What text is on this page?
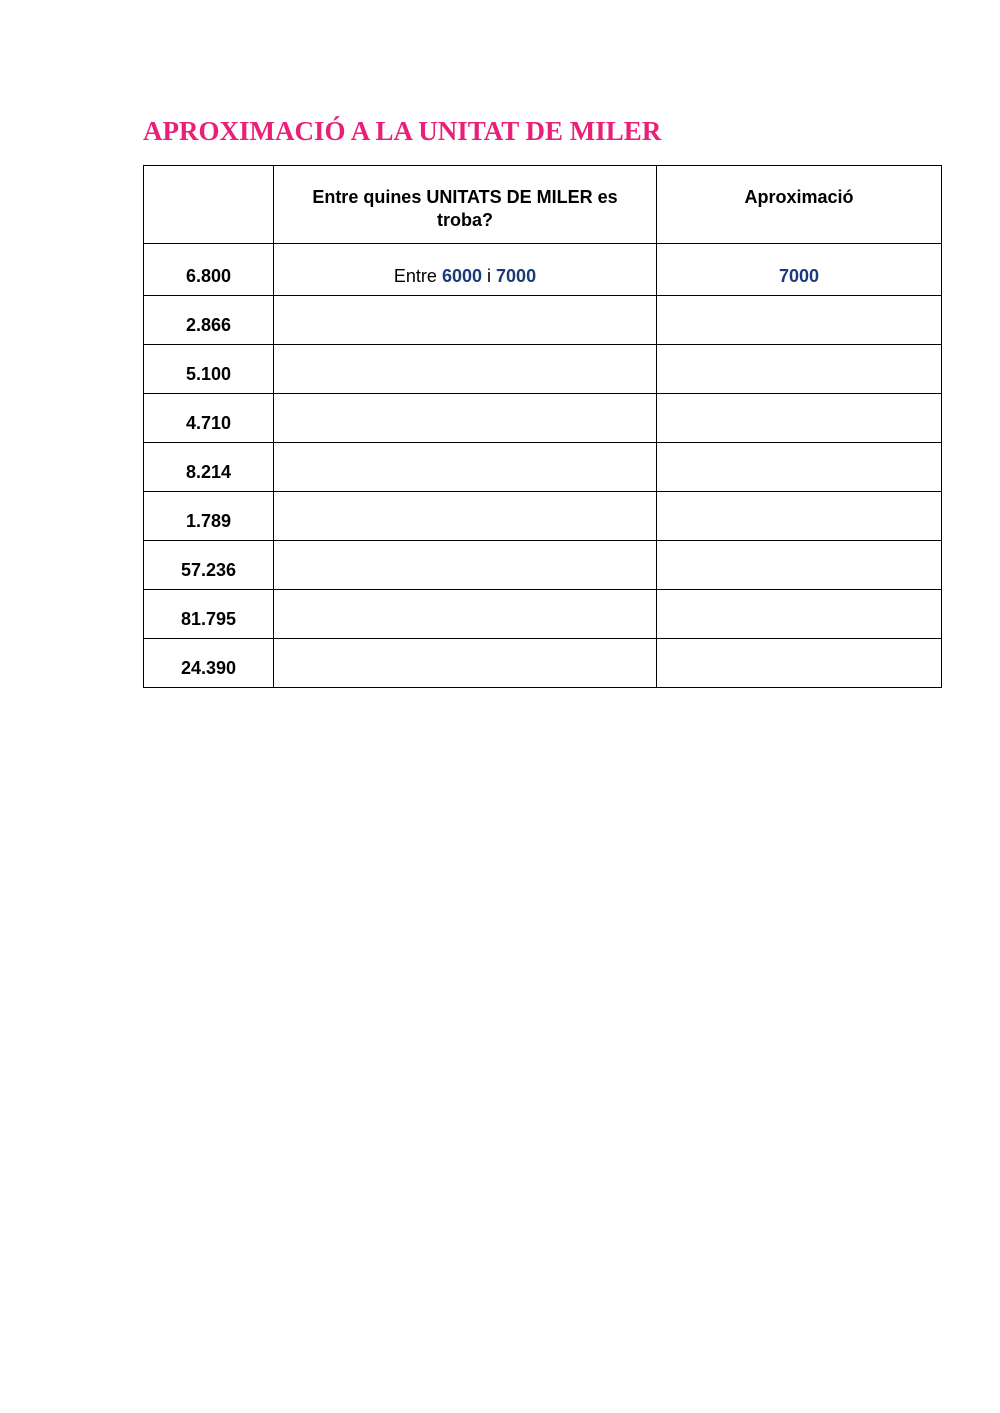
APROXIMACIÓ A LA UNITAT DE MILER
	Entre quines UNITATS DE MILER es troba?	Aproximació
6.800	Entre 6000 i 7000	7000
2.866		
5.100		
4.710		
8.214		
1.789		
57.236		
81.795		
24.390		
